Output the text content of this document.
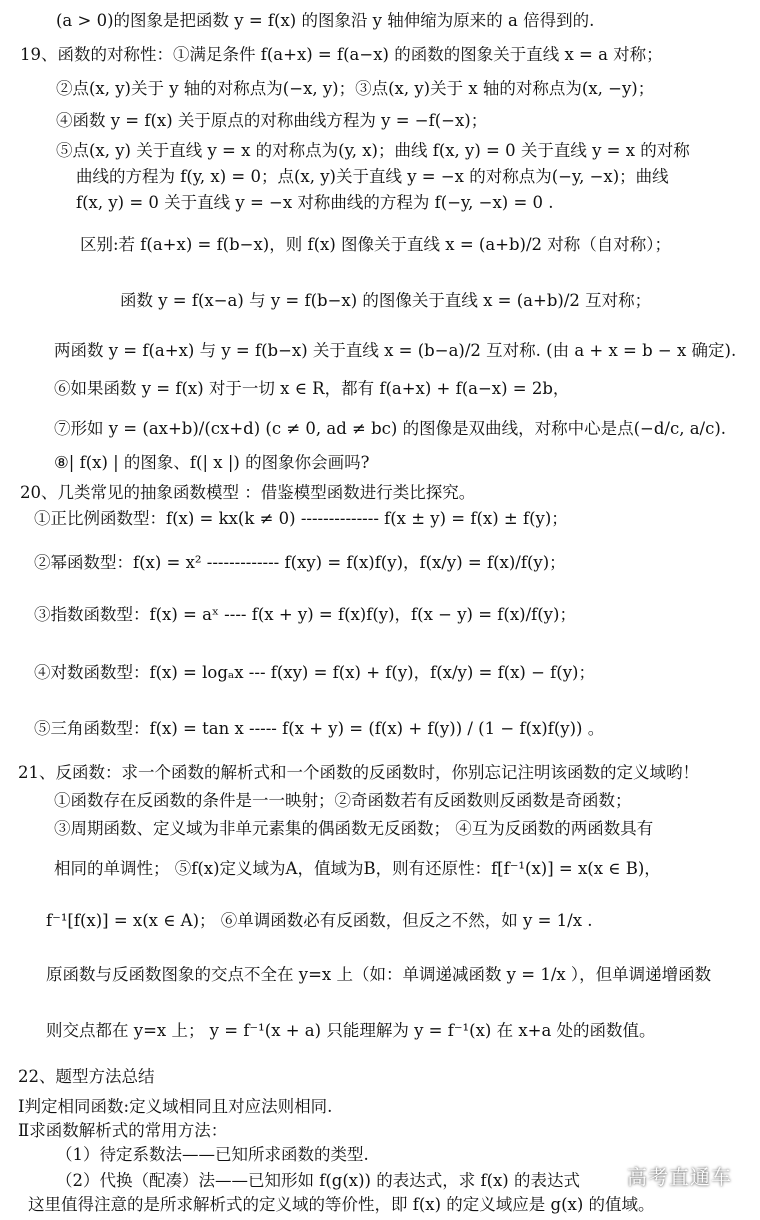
(a > 0)的图象是把函数 y = f(x) 的图象沿 y 轴伸缩为原来的 a 倍得到的.
19、函数的对称性：①满足条件 f(a+x) = f(a−x) 的函数的图象关于直线 x = a 对称；
②点(x, y)关于 y 轴的对称点为(−x, y)；③点(x, y)关于 x 轴的对称点为(x, −y)；
④函数 y = f(x) 关于原点的对称曲线方程为 y = −f(−x)；
⑤点(x, y) 关于直线 y = x 的对称点为(y, x)；曲线 f(x, y) = 0 关于直线 y = x 的对称
曲线的方程为 f(y, x) = 0；点(x, y)关于直线 y = −x 的对称点为(−y, −x)；曲线
f(x, y) = 0 关于直线 y = −x 对称曲线的方程为 f(−y, −x) = 0 .
区别:若 f(a+x) = f(b−x)，则 f(x) 图像关于直线 x = (a+b)/2 对称（自对称）；
函数 y = f(x−a) 与 y = f(b−x) 的图像关于直线 x = (a+b)/2 互对称；
两函数 y = f(a+x) 与 y = f(b−x) 关于直线 x = (b−a)/2 互对称. (由 a + x = b − x 确定).
⑥如果函数 y = f(x) 对于一切 x ∈ R，都有 f(a+x) + f(a−x) = 2b，
⑦形如 y = (ax+b)/(cx+d) (c ≠ 0, ad ≠ bc) 的图像是双曲线，对称中心是点(−d/c, a/c).
⑧| f(x) | 的图象、f(| x |) 的图象你会画吗?
20、几类常见的抽象函数模型 ：借鉴模型函数进行类比探究。
①正比例函数型：f(x) = kx(k ≠ 0) -------------- f(x ± y) = f(x) ± f(y)；
②幂函数型：f(x) = x² ------------- f(xy) = f(x)f(y)，f(x/y) = f(x)/f(y)；
③指数函数型：f(x) = aˣ ---- f(x + y) = f(x)f(y)，f(x − y) = f(x)/f(y)；
④对数函数型：f(x) = logₐx --- f(xy) = f(x) + f(y)，f(x/y) = f(x) − f(y)；
⑤三角函数型：f(x) = tan x ----- f(x + y) = (f(x) + f(y)) / (1 − f(x)f(y)) 。
21、反函数：求一个函数的解析式和一个函数的反函数时，你别忘记注明该函数的定义域哟！
①函数存在反函数的条件是一一映射；②奇函数若有反函数则反函数是奇函数；
③周期函数、定义域为非单元素集的偶函数无反函数； ④互为反函数的两函数具有
相同的单调性； ⑤f(x)定义域为A，值域为B，则有还原性：f[f⁻¹(x)] = x(x ∈ B)，
f⁻¹[f(x)] = x(x ∈ A)； ⑥单调函数必有反函数，但反之不然，如 y = 1/x .
原函数与反函数图象的交点不全在 y=x 上（如：单调递减函数 y = 1/x ），但单调递增函数
则交点都在 y=x 上； y = f⁻¹(x + a) 只能理解为 y = f⁻¹(x) 在 x+a 处的函数值。
22、题型方法总结
Ⅰ判定相同函数:定义域相同且对应法则相同.
Ⅱ求函数解析式的常用方法：
（1）待定系数法——已知所求函数的类型.
（2）代换（配凑）法——已知形如 f(g(x)) 的表达式，求 f(x) 的表达式
这里值得注意的是所求解析式的定义域的等价性，即 f(x) 的定义域应是 g(x) 的值域。
高考直通车
